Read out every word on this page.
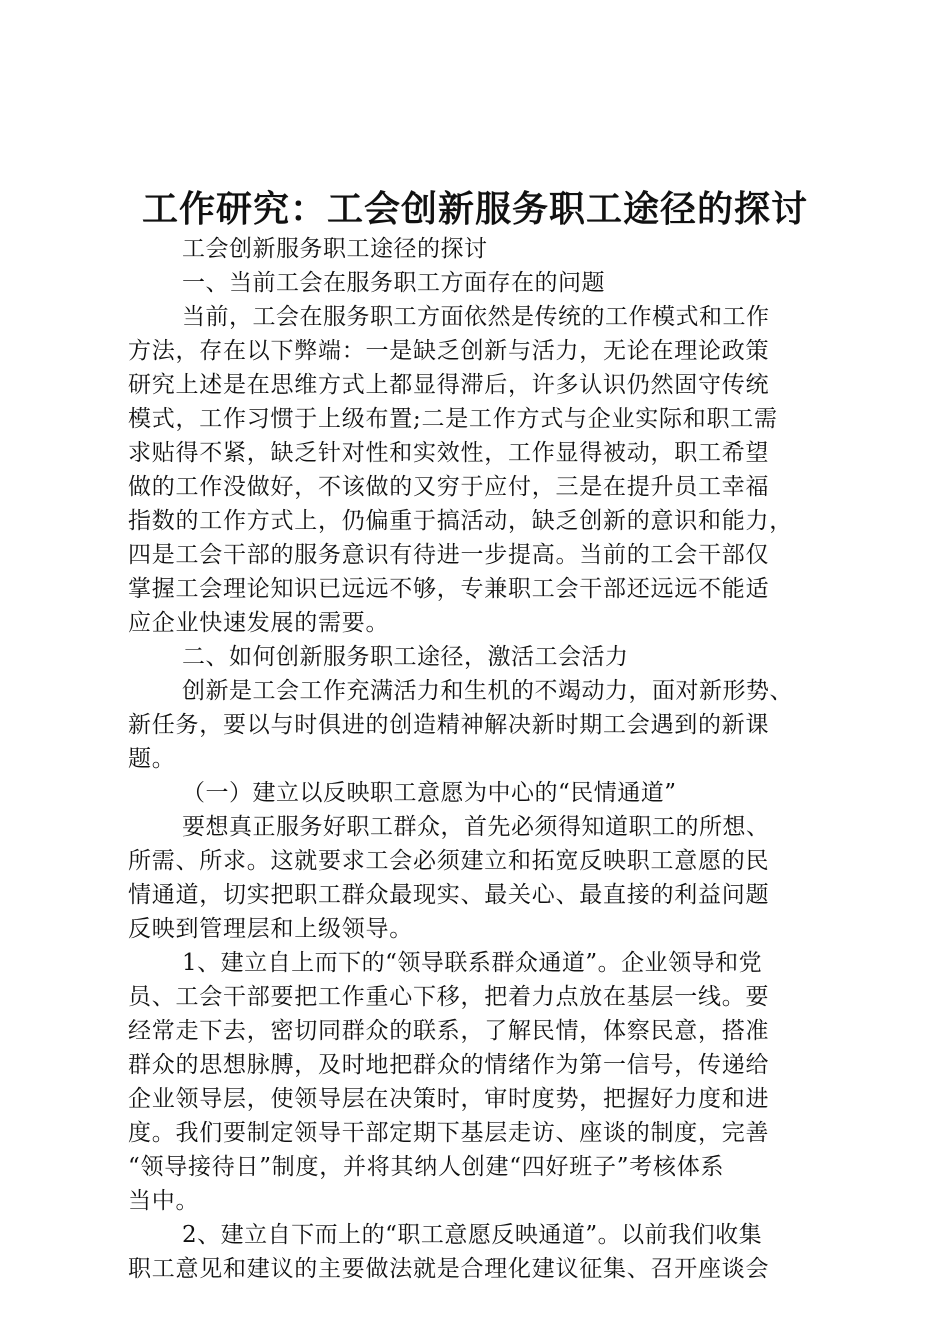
工作研究：工会创新服务职工途径的探讨
工会创新服务职工途径的探讨
一、当前工会在服务职工方面存在的问题
当前，工会在服务职工方面依然是传统的工作模式和工作
方法，存在以下弊端：一是缺乏创新与活力，无论在理论政策
研究上述是在思维方式上都显得滞后，许多认识仍然固守传统
模式，工作习惯于上级布置;二是工作方式与企业实际和职工需
求贴得不紧，缺乏针对性和实效性，工作显得被动，职工希望
做的工作没做好，不该做的又穷于应付，三是在提升员工幸福
指数的工作方式上，仍偏重于搞活动，缺乏创新的意识和能力，
四是工会干部的服务意识有待进一步提高。当前的工会干部仅
掌握工会理论知识已远远不够，专兼职工会干部还远远不能适
应企业快速发展的需要。
二、如何创新服务职工途径，激活工会活力
创新是工会工作充满活力和生机的不竭动力，面对新形势、
新任务，要以与时俱进的创造精神解决新时期工会遇到的新课
题。
（一）建立以反映职工意愿为中心的“民情通道”
要想真正服务好职工群众，首先必须得知道职工的所想、
所需、所求。这就要求工会必须建立和拓宽反映职工意愿的民
情通道，切实把职工群众最现实、最关心、最直接的利益问题
反映到管理层和上级领导。
1、建立自上而下的“领导联系群众通道”。企业领导和党
员、工会干部要把工作重心下移，把着力点放在基层一线。要
经常走下去，密切同群众的联系，了解民情，体察民意，搭准
群众的思想脉膊，及时地把群众的情绪作为第一信号，传递给
企业领导层，使领导层在决策时，审时度势，把握好力度和进
度。我们要制定领导干部定期下基层走访、座谈的制度，完善
“领导接待日”制度，并将其纳人创建“四好班子”考核体系
当中。
2、建立自下而上的“职工意愿反映通道”。以前我们收集
职工意见和建议的主要做法就是合理化建议征集、召开座谈会
